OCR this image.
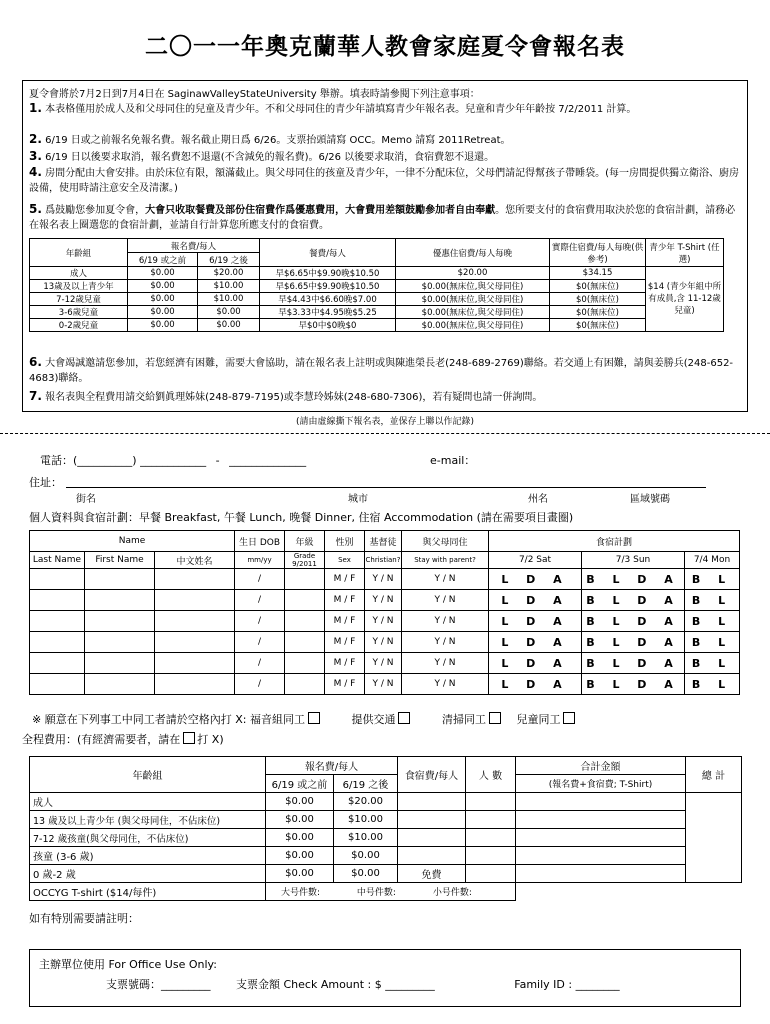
二〇一一年奧克蘭華人教會家庭夏令會報名表
夏令會將於7月2日到7月4日在 SaginawValleyStateUniversity 舉辦。填表時請參閱下列注意事項：
1. 本表格僅用於成人及和父母同住的兒童及青少年。不和父母同住的青少年請填寫青少年報名表。兒童和青少年年齡按 7/2/2011 計算。
2. 6/19 日或之前報名免報名費。報名截止期日爲 6/26。支票抬頭請寫 OCC。Memo 請寫 2011Retreat。
3. 6/19 日以後要求取消，報名費恕不退還(不含減免的報名費)。6/26 以後要求取消，食宿費恕不退還。
4. 房間分配由大會安排。由於床位有限，額滿截止。與父母同住的孩童及青少年，一律不分配床位，父母們請記得幫孩子帶睡袋。(每一房間提供獨立衛浴、廚房設備，使用時請注意安全及清潔。)
5. 爲鼓勵您參加夏令會，大會只收取餐費及部份住宿費作爲優惠費用，大會費用差額鼓勵參加者自由奉獻。您所要支付的食宿費用取決於您的食宿計劃，請務必在報名表上圈選您的食宿計劃，並請自行計算您所應支付的食宿費。
6. 大會竭誠邀請您參加，若您經濟有困難，需要大會協助，請在報名表上註明或與陳進榮長老(248-689-2769)聯絡。若交通上有困難，請與姜勝兵(248-652-4683)聯絡。
7. 報名表與全程費用請交給劉眞理姊妹(248-879-7195)或李慧玲姊妹(248-680-7306)，若有疑問也請一併詢問。
年齡組	報名費/每人		餐費/每人	優惠住宿費/每人每晚	實際住宿費/每人每晚(供參考)	青少年 T-Shirt (任選)
	6/19 或之前	6/19 之後				
成人	$0.00	$20.00	早$6.65中$9.90晚$10.50	$20.00	$34.15	$14 (青少年組中所有成員,含 11-12歲兒童)
13歲及以上青少年	$0.00	$10.00	早$6.65中$9.90晚$10.50	$0.00(無床位,與父母同住)	$0(無床位)	
7-12歲兒童	$0.00	$10.00	早$4.43中$6.60晚$7.00	$0.00(無床位,與父母同住)	$0(無床位)	
3-6歲兒童	$0.00	$0.00	早$3.33中$4.95晚$5.25	$0.00(無床位,與父母同住)	$0(無床位)	
0-2歲兒童	$0.00	$0.00	早$0中$0晚$0	$0.00(無床位,與父母同住)	$0(無床位)	
(請由虛線撕下報名表，並保存上聯以作記錄)
電話：(__________) ____________ - ______________	e-mail：
住址：
街名	城市	州名	區域號碼
個人資料與食宿計劃：早餐 Breakfast, 午餐 Lunch, 晚餐 Dinner, 住宿 Accommodation (請在需要項目畫圈)
Name			生日 DOB	年級	性別	基督徒	與父母同住	食宿計劃		
Last Name	First Name	中文姓名	mm/yy	Grade 9/2011	Sex	Christian?	Stay with parent?	7/2 Sat	7/3 Sun	7/4 Mon
			/		M / F	Y / N	Y / N	L D A	B L D A	B L
			/		M / F	Y / N	Y / N	L D A	B L D A	B L
			/		M / F	Y / N	Y / N	L D A	B L D A	B L
			/		M / F	Y / N	Y / N	L D A	B L D A	B L
			/		M / F	Y / N	Y / N	L D A	B L D A	B L
			/		M / F	Y / N	Y / N	L D A	B L D A	B L
※ 願意在下列事工中同工者請於空格內打 X: 福音組同工	提供交通	清掃同工	兒童同工
全程費用：(有經濟需要者，請在 打 X)
年齡組	報名費/每人		食宿費/每人	人 數	合計金額	總 計
	6/19 或之前	6/19 之後			(報名費+食宿費; T-Shirt)	
成人	$0.00	$20.00				
13 歲及以上青少年 (與父母同住，不佔床位)	$0.00	$10.00				
7-12 歲孩童(與父母同住，不佔床位)	$0.00	$10.00				
孩童 (3-6 歲)	$0.00	$0.00				
0 歲-2 歲	$0.00	$0.00	免費			
OCCYG T-shirt ($14/每件)	大号件數: 中号件數: 小号件數:					
如有特別需要請註明：
主辦單位使用 For Office Use Only:
支票號碼：_________ 支票金額 Check Amount : $ _________	Family ID : ________
